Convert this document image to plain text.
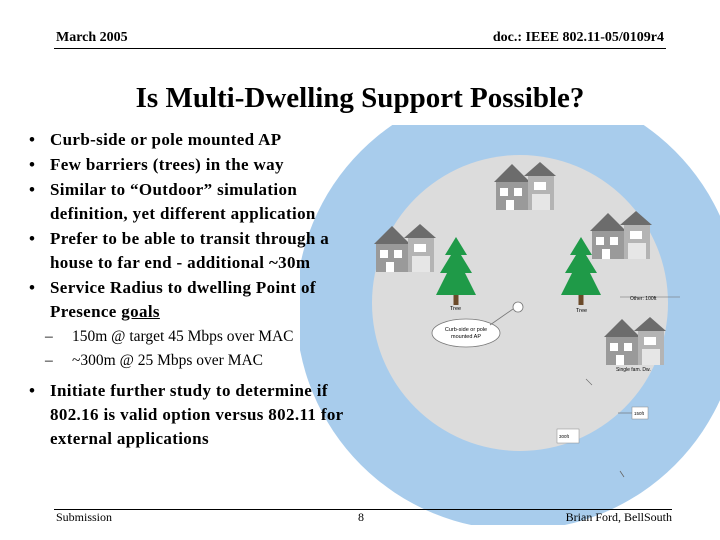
March 2005	doc.: IEEE 802.11-05/0109r4
Is Multi-Dwelling Support Possible?
Curb-side or pole
mounted AP
Tree	Tree
Other: 100ft
Single fam. Dw.
150ft
300ft
• Curb-side or pole mounted AP
• Few barriers (trees) in the way
• Similar to “Outdoor” simulation definition, yet different application
• Prefer to be able to transit through a house to far end - additional ~30m
• Service Radius to dwelling Point of Presence goals
– 150m @ target 45 Mbps over MAC
– ~300m @ 25 Mbps over MAC
• Initiate further study to determine if 802.16 is valid option versus 802.11 for external applications
Submission	8	Brian Ford, BellSouth
